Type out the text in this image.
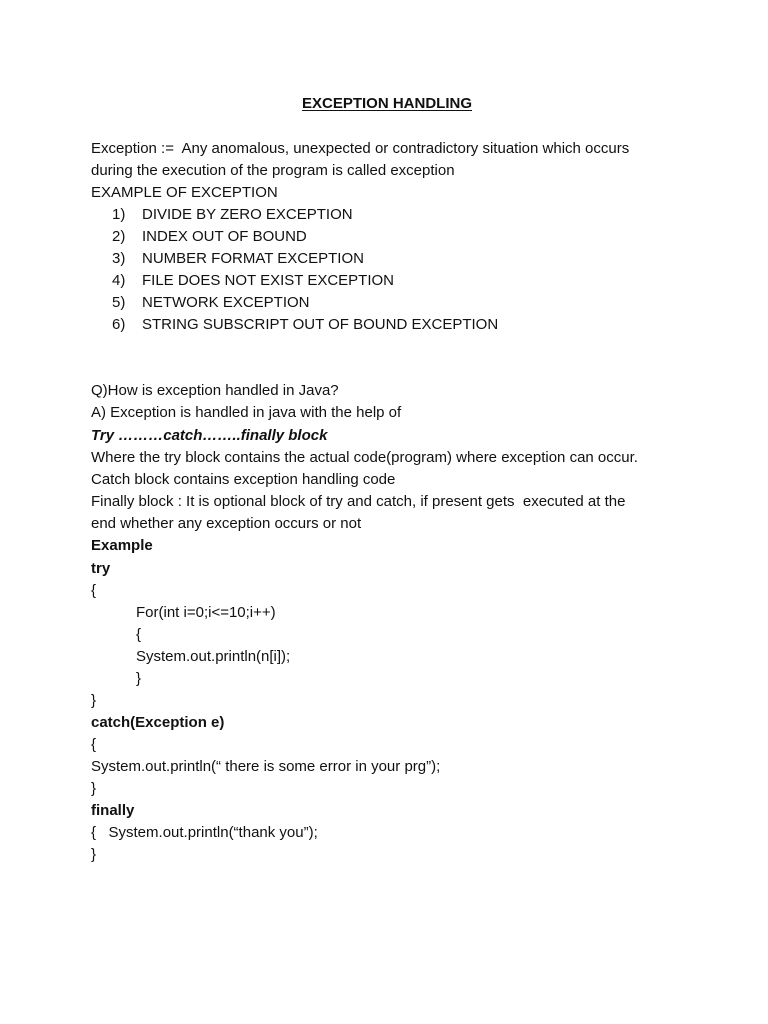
EXCEPTION HANDLING
Exception :=  Any anomalous, unexpected or contradictory situation which occurs
during the execution of the program is called exception
EXAMPLE OF EXCEPTION
1) DIVIDE BY ZERO EXCEPTION
2) INDEX OUT OF BOUND
3) NUMBER FORMAT EXCEPTION
4) FILE DOES NOT EXIST EXCEPTION
5) NETWORK EXCEPTION
6) STRING SUBSCRIPT OUT OF BOUND EXCEPTION
Q)How is exception handled in Java?
A) Exception is handled in java with the help of
Try ………catch……..finally block
Where the try block contains the actual code(program) where exception can occur.
Catch block contains exception handling code
Finally block : It is optional block of try and catch, if present gets  executed at the
end whether any exception occurs or not
Example
try
{
For(int i=0;i<=10;i++)
{
System.out.println(n[i]);
}
}
catch(Exception e)
{
System.out.println(“ there is some error in your prg”);
}
finally
{   System.out.println(“thank you”);
}
